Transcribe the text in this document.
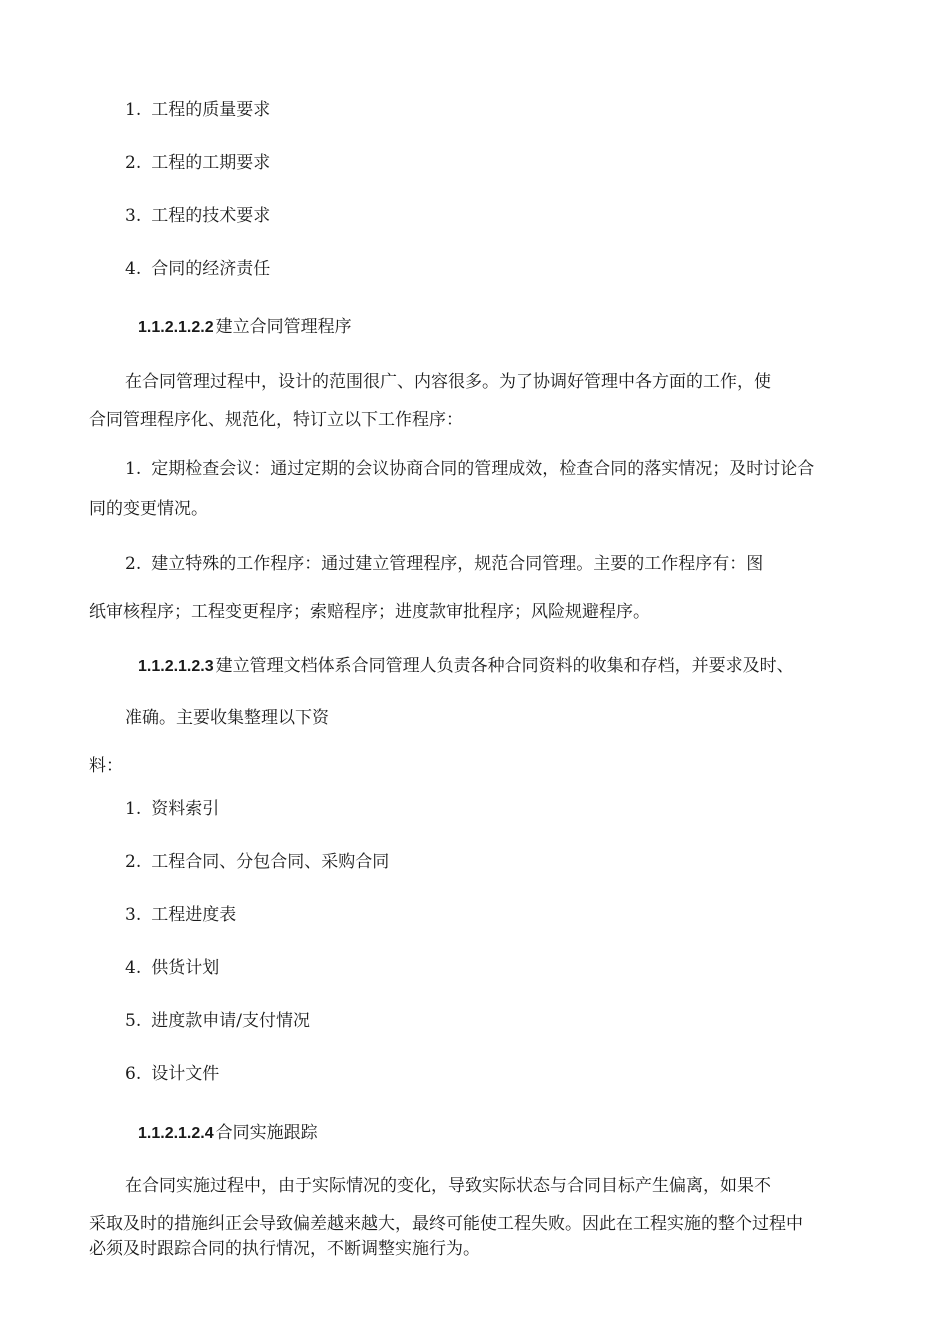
1. 工程的质量要求
2. 工程的工期要求
3. 工程的技术要求
4. 合同的经济责任
1.1.2.1.2.2 建立合同管理程序
在合同管理过程中，设计的范围很广、内容很多。为了协调好管理中各方面的工作，使
合同管理程序化、规范化，特订立以下工作程序：
1. 定期检查会议：通过定期的会议协商合同的管理成效，检查合同的落实情况；及时讨论合
同的变更情况。
2. 建立特殊的工作程序：通过建立管理程序，规范合同管理。主要的工作程序有：图
纸审核程序；工程变更程序；索赔程序；进度款审批程序；风险规避程序。
1.1.2.1.2.3 建立管理文档体系合同管理人负责各种合同资料的收集和存档，并要求及时、
准确。主要收集整理以下资
料：
1. 资料索引
2. 工程合同、分包合同、采购合同
3. 工程进度表
4. 供货计划
5. 进度款申请/支付情况
6. 设计文件
1.1.2.1.2.4 合同实施跟踪
在合同实施过程中，由于实际情况的变化，导致实际状态与合同目标产生偏离，如果不
采取及时的措施纠正会导致偏差越来越大，最终可能使工程失败。因此在工程实施的整个过程中
必须及时跟踪合同的执行情况，不断调整实施行为。
